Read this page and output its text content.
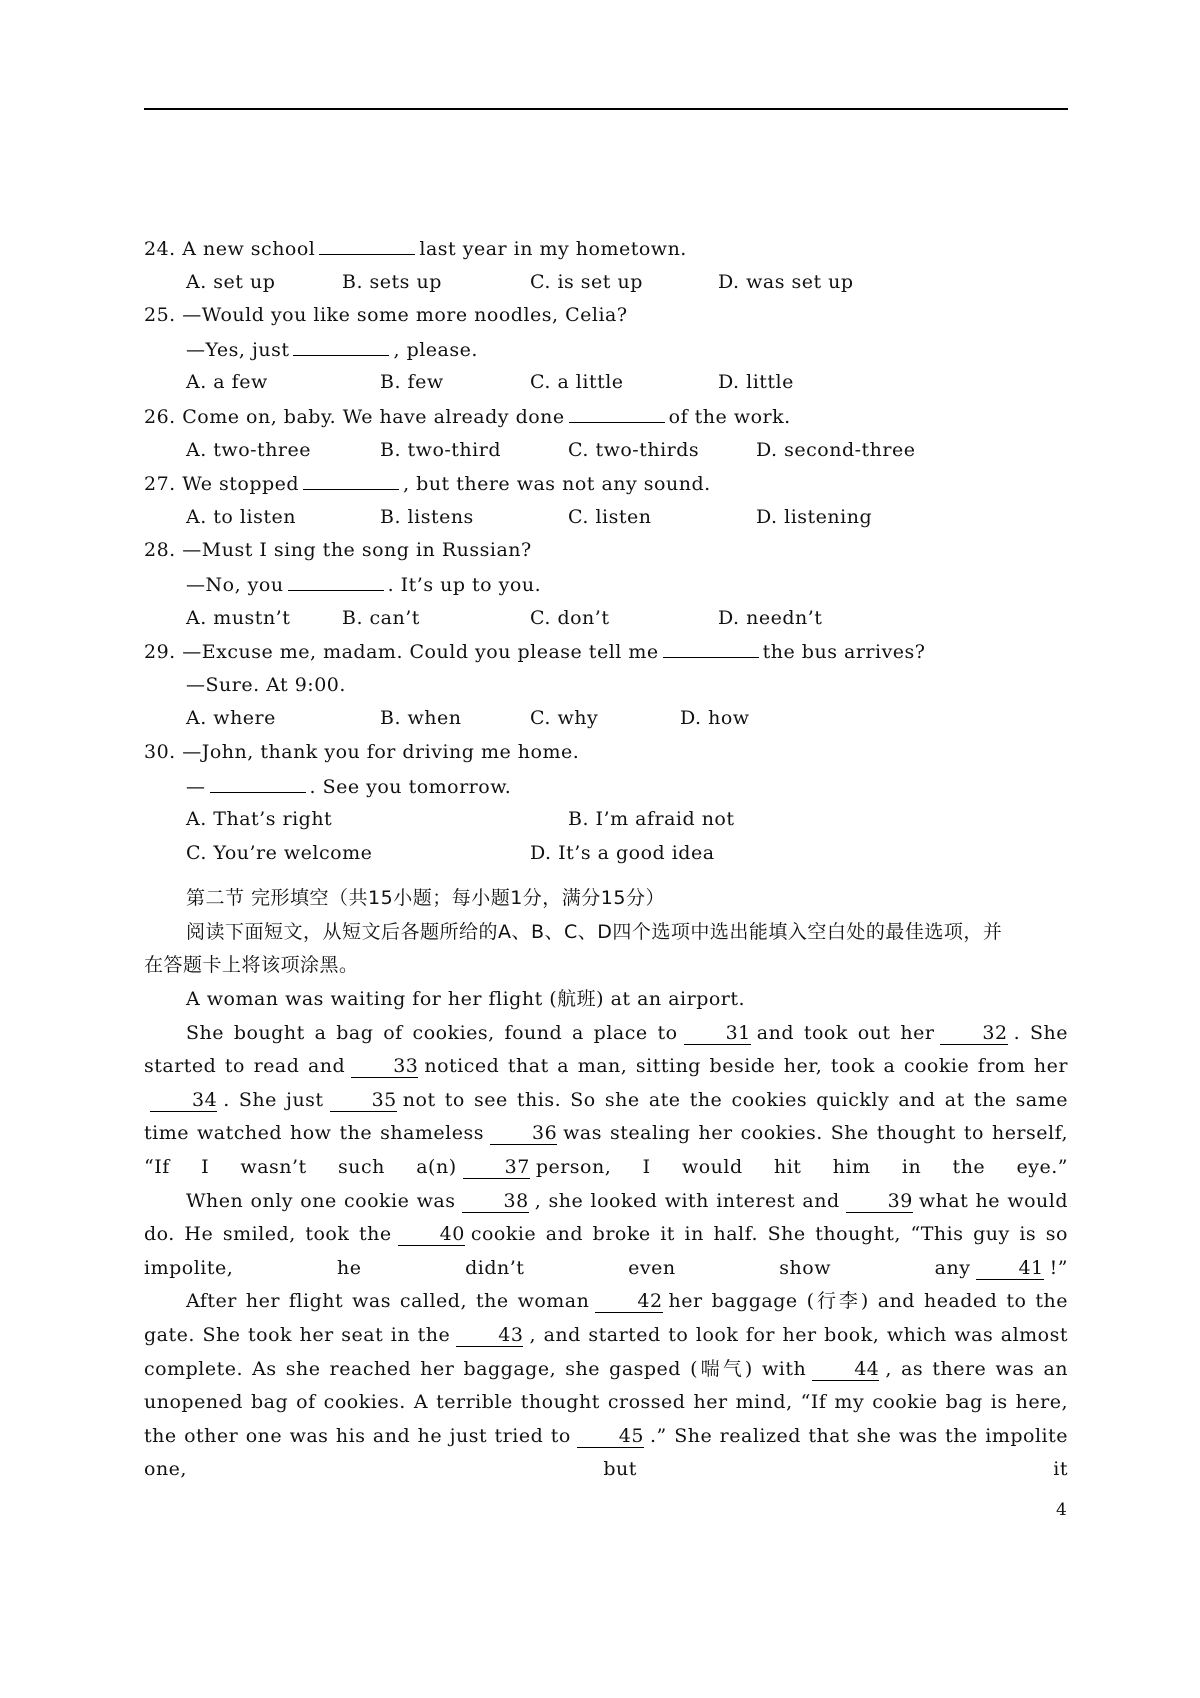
24. A new school	last year in my hometown.

A. set up

	B. sets up

	C. is set up

	D. was set up

25. —Would you like some more noodles, Celia?
—Yes, just	, please.

A. a few

	B. few

	C. a little

	D. little

26. Come on, baby. We have already done	of the work.

A. two-three

	B. two-third

	C. two-thirds

	D. second-three

27. We stopped	, but there was not any sound.

A. to listen

	B. listens

	C. listen

	D. listening

28. —Must I sing the song in Russian?
—No, you	. It’s up to you.

A. mustn’t

	B. can’t

	C. don’t

	D. needn’t

29. —Excuse me, madam. Could you please tell me	the bus arrives?
—Sure. At 9:00.

A. where

	B. when

	C. why

	D. how

30. —John, thank you for driving me home.
—	. See you tomorrow.

A. That’s right

	B. I’m afraid not

C. You’re welcome

	D. It’s a good idea

第二节 完形填空（共15小题；每小题1分，满分15分）
阅读下面短文，从短文后各题所给的A、B、C、D四个选项中选出能填入空白处的最佳选项，并
在答题卡上将该项涂黑。
A woman was waiting for her flight (航班) at an airport.
She bought a bag of cookies, found a place to	31 and took out her	32 . She started to read and	33 noticed that a man, sitting beside her, took a cookie from her34 . She just	35 not to see this. So she ate the cookies quickly and at the same time watched how the shameless	36 was stealing her cookies. She thought to herself, “If I wasn’t such a(n)	37 person, I would hit him in the eye.”
When only one cookie was	38 , she looked with interest and	39 what he would do. He smiled, took the	40 cookie and broke it in half. She thought, “This guy is so impolite, he didn’t even show any	41 !”
After her flight was called, the woman	42 her baggage (行李) and headed to the gate. She took her seat in the	43 , and started to look for her book, which was almost complete. As she reached her baggage, she gasped (喘气) with	44 , as there was an unopened bag of cookies. A terrible thought crossed her mind, “If my cookie bag is here, the other one was his and he just tried to	45 .” She realized that she was the impolite one, but it
4
